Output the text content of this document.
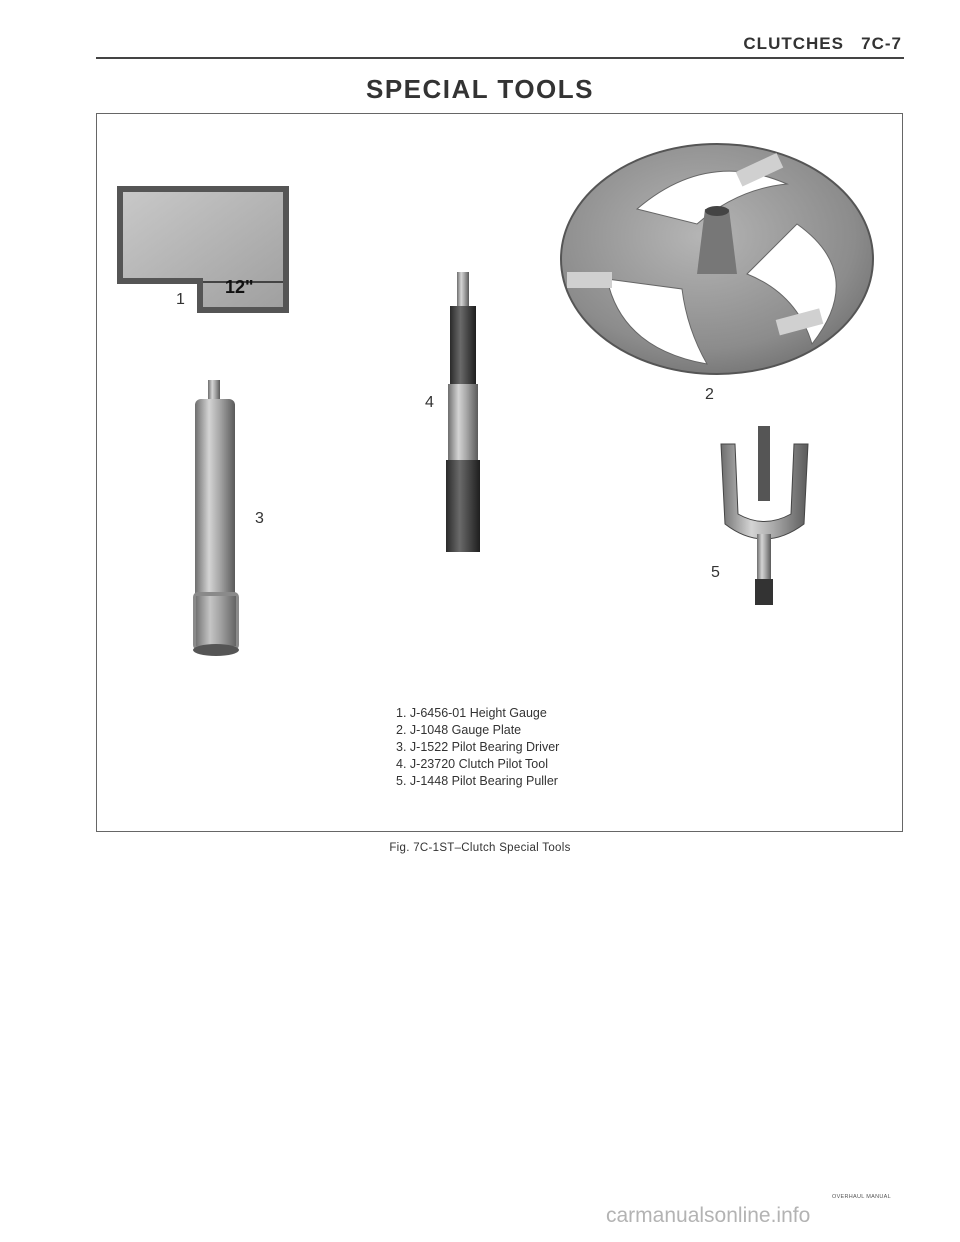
CLUTCHES 7C-7
SPECIAL TOOLS
1
2
3
4
5
12"
1. J-6456-01 Height Gauge
2. J-1048 Gauge Plate
3. J-1522 Pilot Bearing Driver
4. J-23720 Clutch Pilot Tool
5. J-1448 Pilot Bearing Puller
Fig. 7C-1ST–Clutch Special Tools
OVERHAUL MANUAL
carmanualsonline.info
